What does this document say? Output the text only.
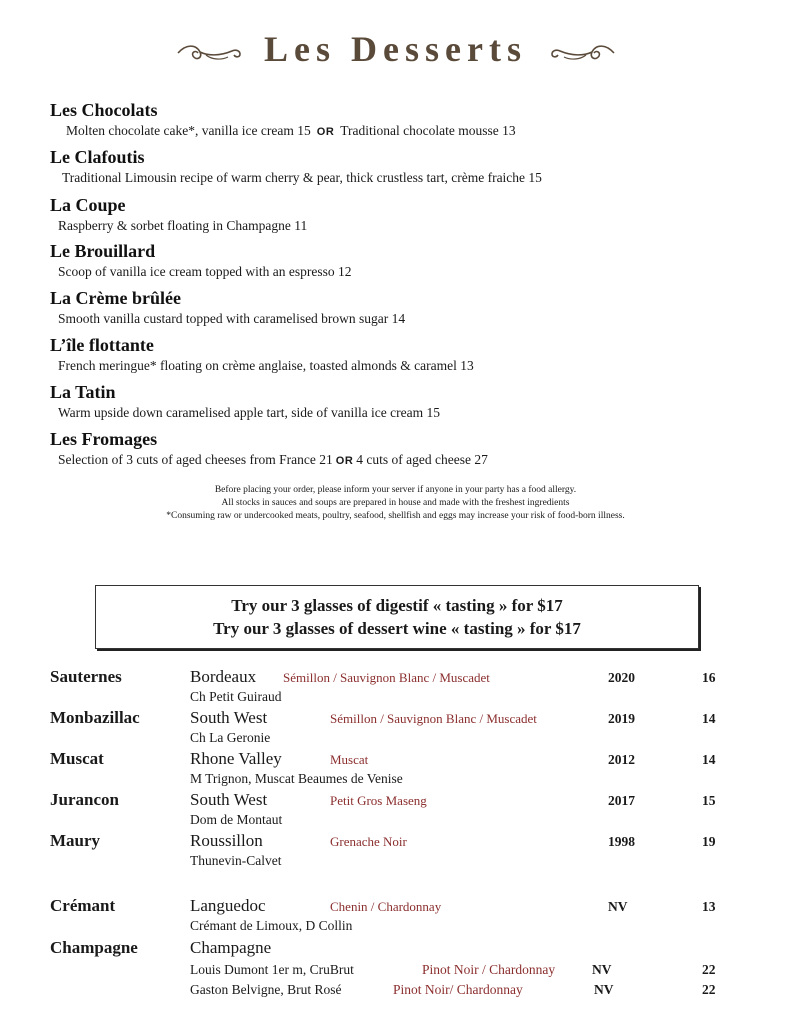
Les Desserts
Les Chocolats
Molten chocolate cake*, vanilla ice cream 15 OR Traditional chocolate mousse 13
Le Clafoutis
Traditional Limousin recipe of warm cherry & pear, thick crustless tart, crème fraiche 15
La Coupe
Raspberry & sorbet floating in Champagne 11
Le Brouillard
Scoop of vanilla ice cream topped with an espresso 12
La Crème brûlée
Smooth vanilla custard topped with caramelised brown sugar 14
L’île flottante
French meringue* floating on crème anglaise, toasted almonds & caramel 13
La Tatin
Warm upside down caramelised apple tart, side of vanilla ice cream 15
Les Fromages
Selection of 3 cuts of aged cheeses from France 21 OR 4 cuts of aged cheese 27
Before placing your order, please inform your server if anyone in your party has a food allergy.
All stocks in sauces and soups are prepared in house and made with the freshest ingredients
*Consuming raw or undercooked meats, poultry, seafood, shellfish and eggs may increase your risk of food-born illness.
Try our 3 glasses of digestif « tasting » for $17
Try our 3 glasses of dessert wine « tasting » for $17
Sauternes	Bordeaux Sémillon / Sauvignon Blanc / Muscadet	2020	16
Ch Petit Guiraud
Monbazillac	South West	Sémillon / Sauvignon Blanc / Muscadet	2019	14
Ch La Geronie
Muscat	Rhone Valley	Muscat	2012	14
M Trignon, Muscat Beaumes de Venise
Jurancon	South West	Petit Gros Maseng	2017	15
Dom de Montaut
Maury	Roussillon	Grenache Noir	1998	19
Thunevin-Calvet
Crémant	Languedoc	Chenin / Chardonnay	NV	13
Crémant de Limoux, D Collin
Champagne	Champagne
Louis Dumont 1er m, CruBrut	Pinot Noir / Chardonnay	NV	22
Gaston Belvigne, Brut Rosé	Pinot Noir/ Chardonnay	NV	22
